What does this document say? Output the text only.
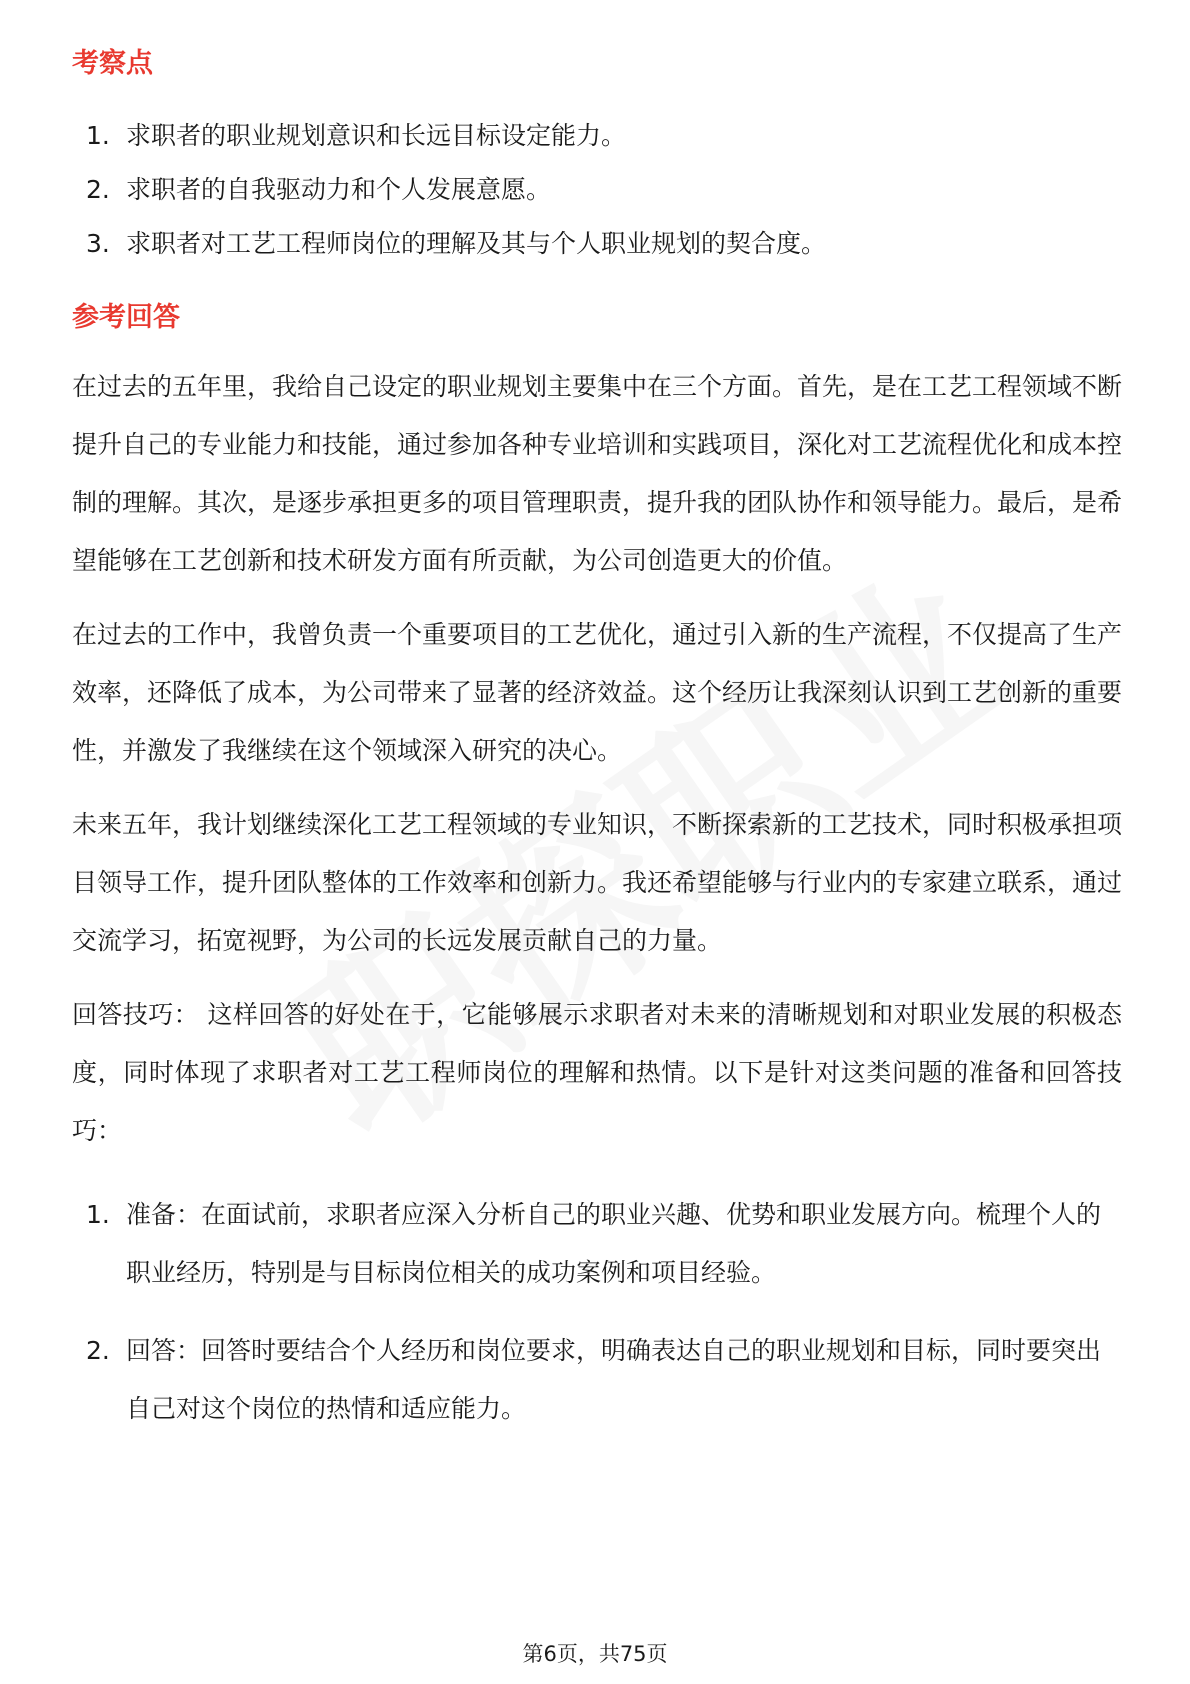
考察点
1. 求职者的职业规划意识和长远目标设定能力。
2. 求职者的自我驱动力和个人发展意愿。
3. 求职者对工艺工程师岗位的理解及其与个人职业规划的契合度。
参考回答

在过去的五年里，我给自己设定的职业规划主要集中在三个方面。首先，是在工艺工程领域不断提升自己的专业能力和技能，通过参加各种专业培训和实践项目，深化对工艺流程优化和成本控制的理解。其次，是逐步承担更多的项目管理职责，提升我的团队协作和领导能力。最后，是希望能够在工艺创新和技术研发方面有所贡献，为公司创造更大的价值。

在过去的工作中，我曾负责一个重要项目的工艺优化，通过引入新的生产流程，不仅提高了生产效率，还降低了成本，为公司带来了显著的经济效益。这个经历让我深刻认识到工艺创新的重要性，并激发了我继续在这个领域深入研究的决心。

未来五年，我计划继续深化工艺工程领域的专业知识，不断探索新的工艺技术，同时积极承担项目领导工作，提升团队整体的工作效率和创新力。我还希望能够与行业内的专家建立联系，通过交流学习，拓宽视野，为公司的长远发展贡献自己的力量。

回答技巧： 这样回答的好处在于，它能够展示求职者对未来的清晰规划和对职业发展的积极态度，同时体现了求职者对工艺工程师岗位的理解和热情。以下是针对这类问题的准备和回答技巧：

1. 准备：在面试前，求职者应深入分析自己的职业兴趣、优势和职业发展方向。梳理个人的职业经历，特别是与目标岗位相关的成功案例和项目经验。
2. 回答：回答时要结合个人经历和岗位要求，明确表达自己的职业规划和目标，同时要突出自己对这个岗位的热情和适应能力。
第6页，共75页
